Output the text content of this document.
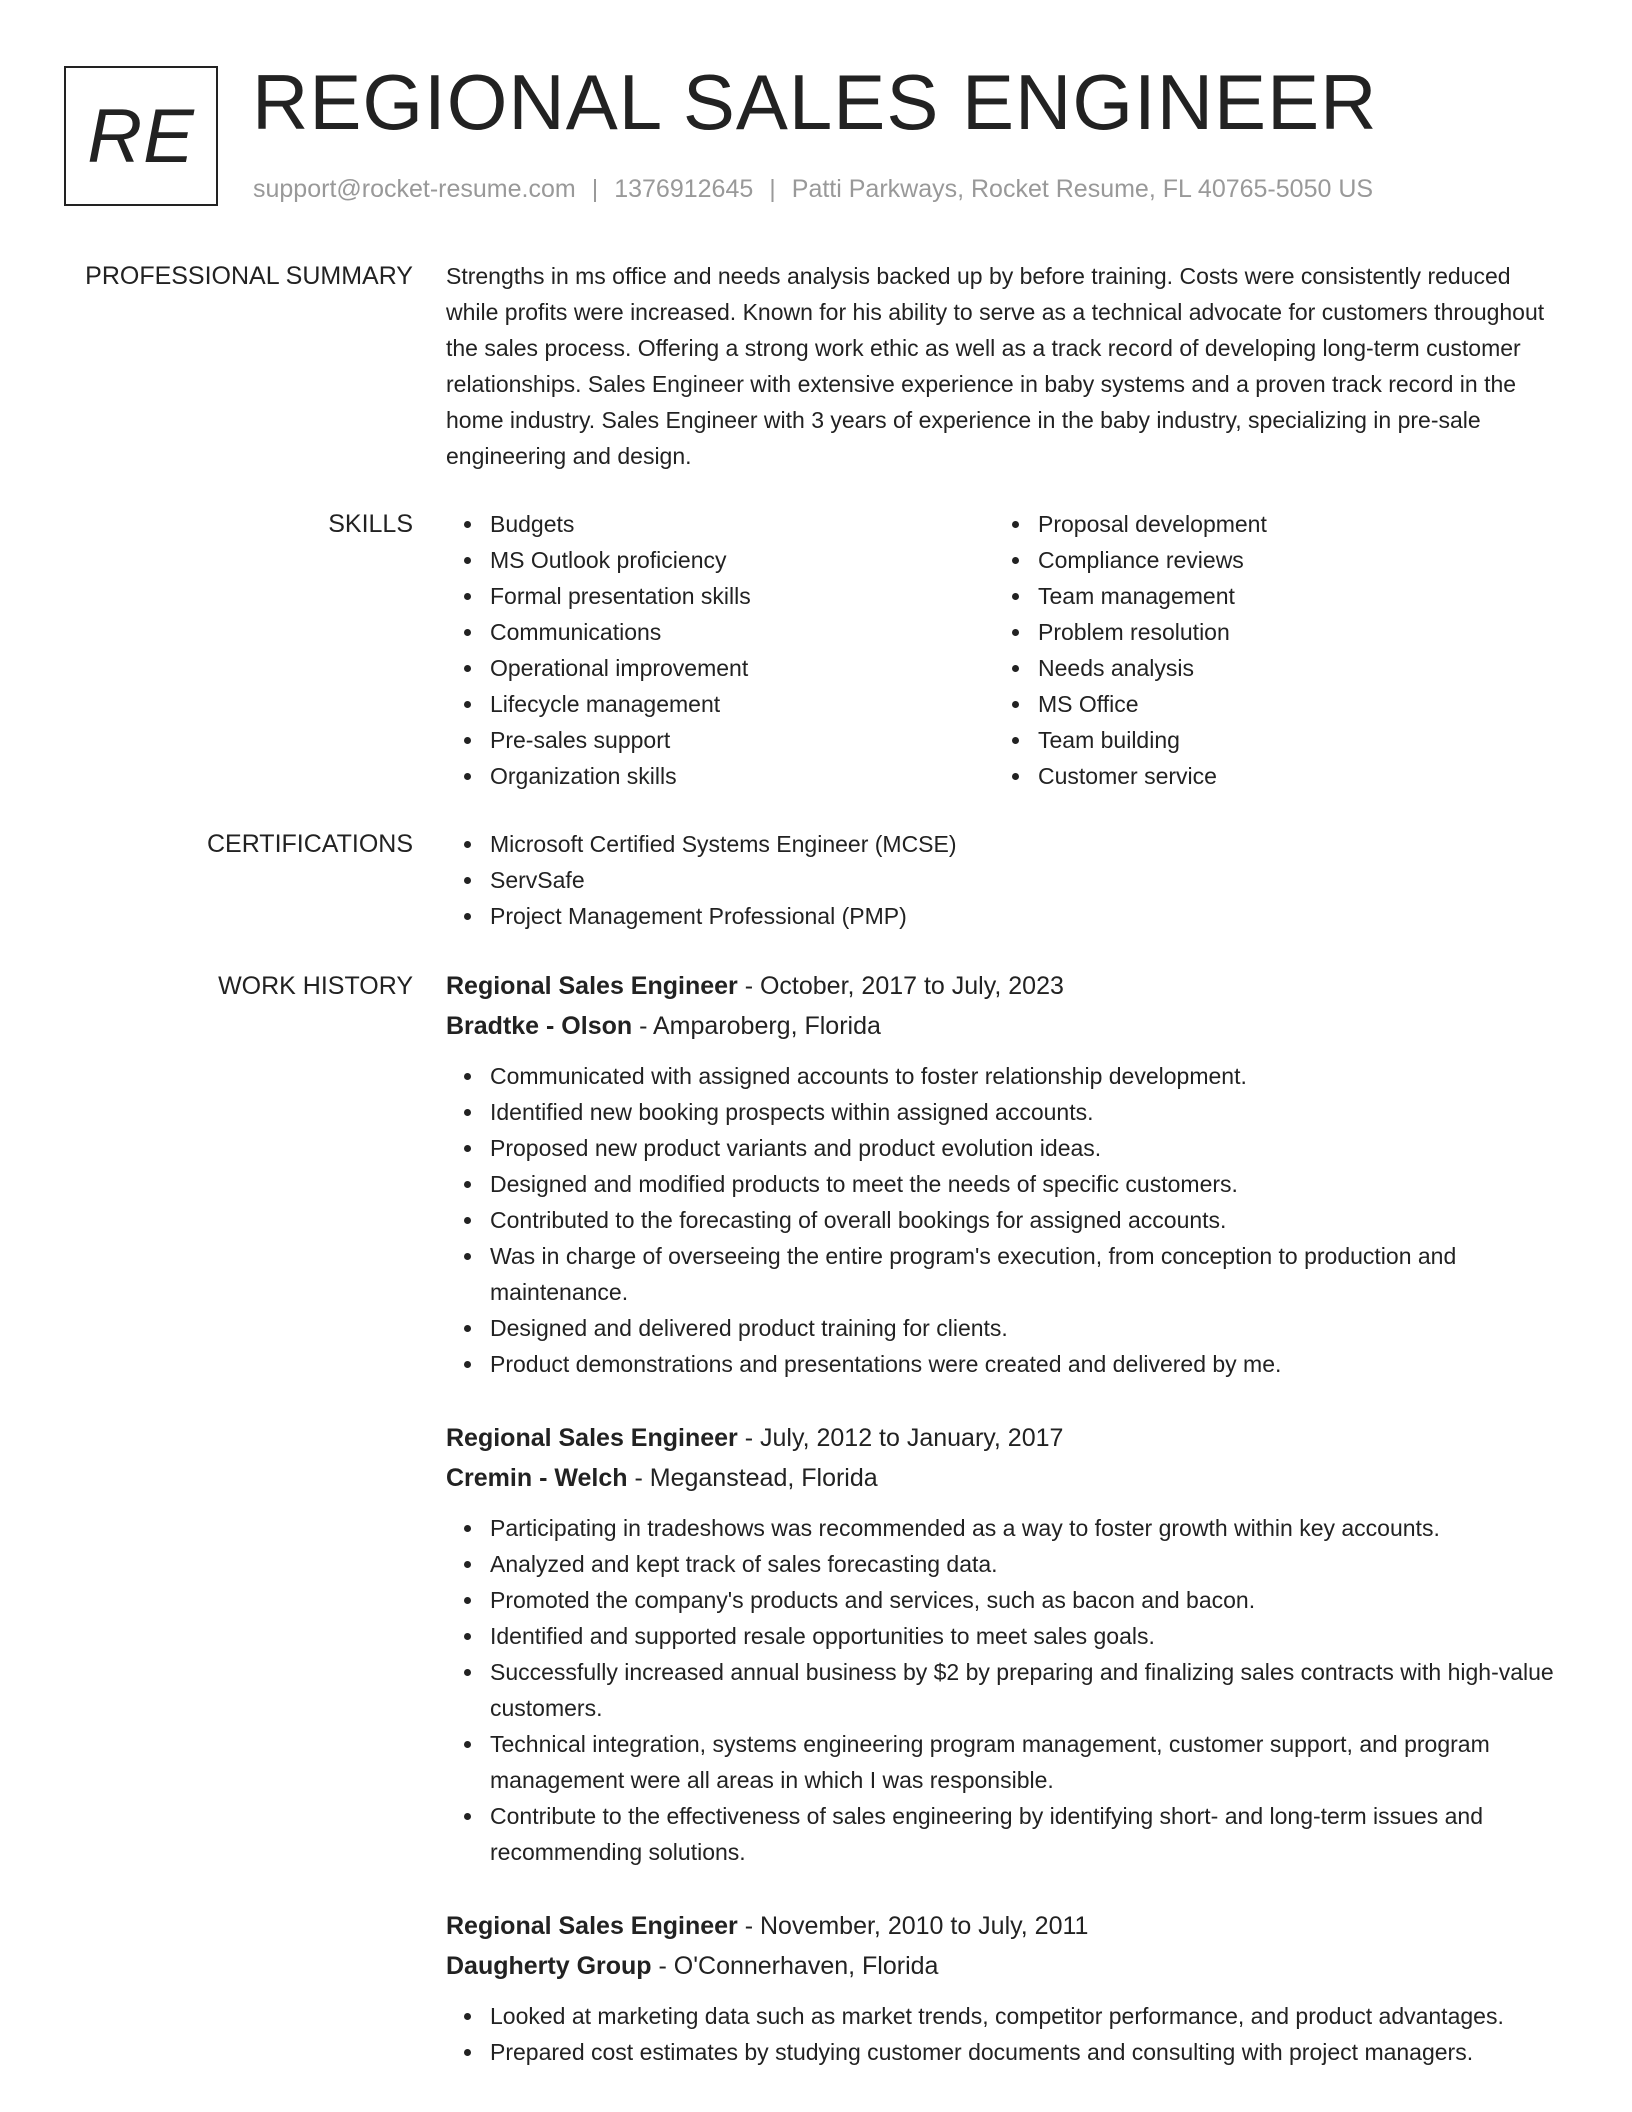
RE REGIONAL SALES ENGINEER
support@rocket-resume.com | 1376912645 | Patti Parkways, Rocket Resume, FL 40765-5050 US
PROFESSIONAL SUMMARY Strengths in ms office and needs analysis backed up by before training. Costs were consistently reduced while profits were increased. Known for his ability to serve as a technical advocate for customers throughout the sales process. Offering a strong work ethic as well as a track record of developing long-term customer relationships. Sales Engineer with extensive experience in baby systems and a proven track record in the home industry. Sales Engineer with 3 years of experience in the baby industry, specializing in pre-sale engineering and design.

SKILLS	Budgets
MS Outlook proficiency
Formal presentation skills
Communications
Operational improvement
Lifecycle management
Pre-sales support
Organization skills
Proposal development
Compliance reviews
Team management
Problem resolution
Needs analysis
MS Office
Team building
Customer service
CERTIFICATIONS	Microsoft Certified Systems Engineer (MCSE)
ServSafe
Project Management Professional (PMP)
WORK HISTORY Regional Sales Engineer - October, 2017 to July, 2023
Bradtke - Olson - Amparoberg, Florida
Communicated with assigned accounts to foster relationship development.
Identified new booking prospects within assigned accounts.
Proposed new product variants and product evolution ideas.
Designed and modified products to meet the needs of specific customers.
Contributed to the forecasting of overall bookings for assigned accounts.
Was in charge of overseeing the entire program's execution, from conception to production and maintenance.
Designed and delivered product training for clients.
Product demonstrations and presentations were created and delivered by me.
Regional Sales Engineer - July, 2012 to January, 2017
Cremin - Welch - Meganstead, Florida
Participating in tradeshows was recommended as a way to foster growth within key accounts.
Analyzed and kept track of sales forecasting data.
Promoted the company's products and services, such as bacon and bacon.
Identified and supported resale opportunities to meet sales goals.
Successfully increased annual business by $2 by preparing and finalizing sales contracts with high-value customers.
Technical integration, systems engineering program management, customer support, and program management were all areas in which I was responsible.
Contribute to the effectiveness of sales engineering by identifying short- and long-term issues and recommending solutions.
Regional Sales Engineer - November, 2010 to July, 2011
Daugherty Group - O'Connerhaven, Florida
Looked at marketing data such as market trends, competitor performance, and product advantages.
Prepared cost estimates by studying customer documents and consulting with project managers.
